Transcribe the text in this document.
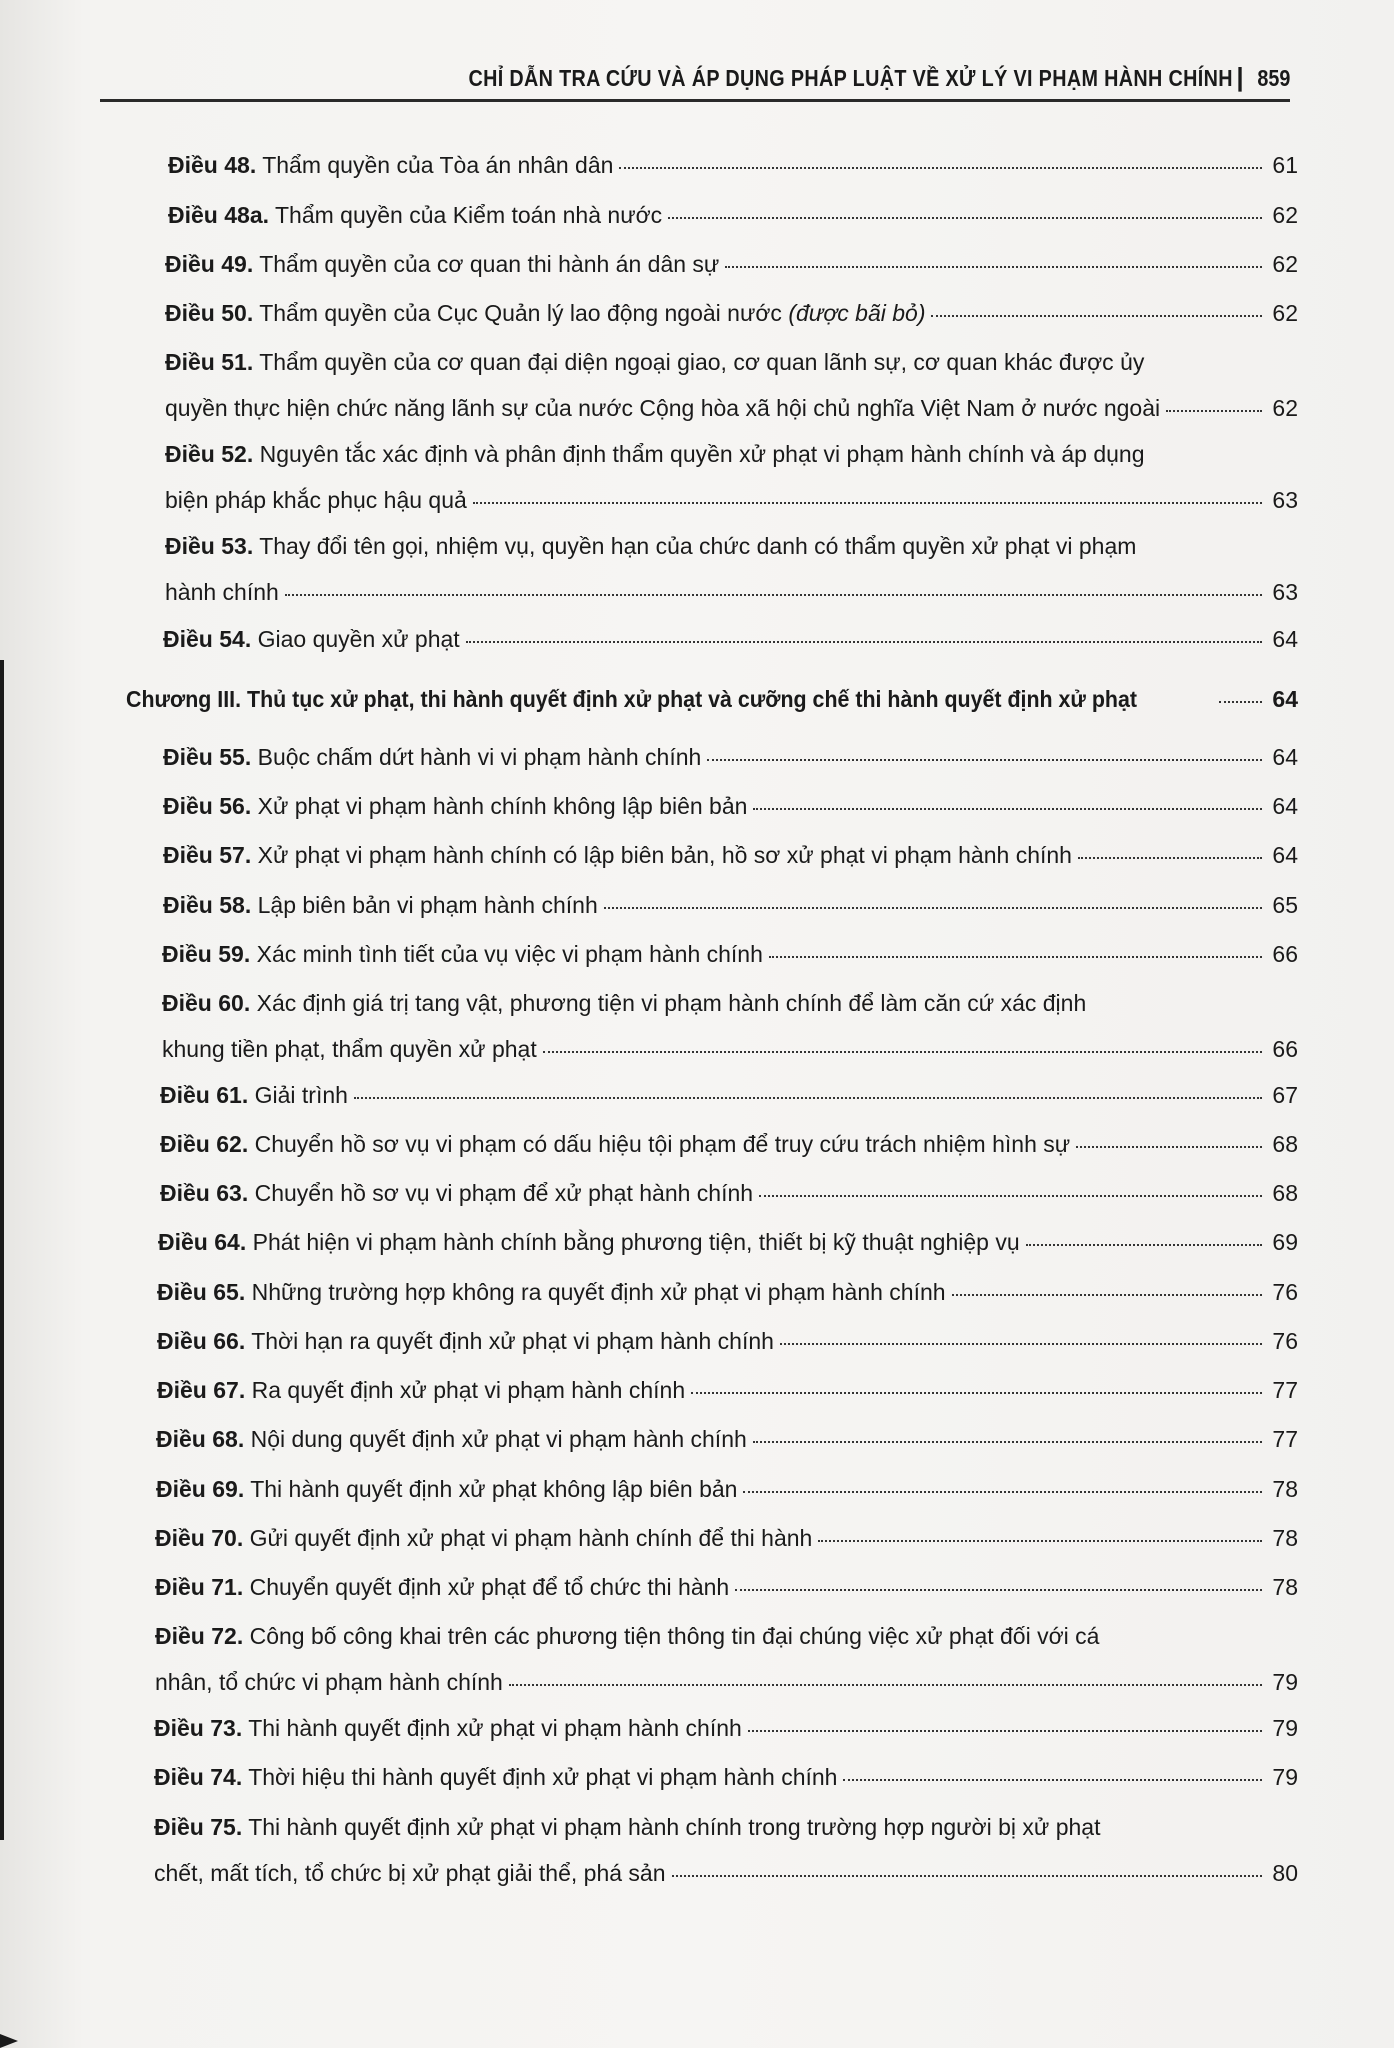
CHỈ DẪN TRA CỨU VÀ ÁP DỤNG PHÁP LUẬT VỀ XỬ LÝ VI PHẠM HÀNH CHÍNH | 859
Điều 48. Thẩm quyền của Tòa án nhân dân	61
Điều 48a. Thẩm quyền của Kiểm toán nhà nước	62
Điều 49. Thẩm quyền của cơ quan thi hành án dân sự	62
Điều 50. Thẩm quyền của Cục Quản lý lao động ngoài nước (được bãi bỏ)	62
Điều 51. Thẩm quyền của cơ quan đại diện ngoại giao, cơ quan lãnh sự, cơ quan khác được ủy
quyền thực hiện chức năng lãnh sự của nước Cộng hòa xã hội chủ nghĩa Việt Nam ở nước ngoài	62
Điều 52. Nguyên tắc xác định và phân định thẩm quyền xử phạt vi phạm hành chính và áp dụng
biện pháp khắc phục hậu quả	63
Điều 53. Thay đổi tên gọi, nhiệm vụ, quyền hạn của chức danh có thẩm quyền xử phạt vi phạm
hành chính	63
Điều 54. Giao quyền xử phạt	64
Chương III. Thủ tục xử phạt, thi hành quyết định xử phạt và cưỡng chế thi hành quyết định xử phạt	64
Điều 55. Buộc chấm dứt hành vi vi phạm hành chính	64
Điều 56. Xử phạt vi phạm hành chính không lập biên bản	64
Điều 57. Xử phạt vi phạm hành chính có lập biên bản, hồ sơ xử phạt vi phạm hành chính	64
Điều 58. Lập biên bản vi phạm hành chính	65
Điều 59. Xác minh tình tiết của vụ việc vi phạm hành chính	66
Điều 60. Xác định giá trị tang vật, phương tiện vi phạm hành chính để làm căn cứ xác định
khung tiền phạt, thẩm quyền xử phạt	66
Điều 61. Giải trình	67
Điều 62. Chuyển hồ sơ vụ vi phạm có dấu hiệu tội phạm để truy cứu trách nhiệm hình sự	68
Điều 63. Chuyển hồ sơ vụ vi phạm để xử phạt hành chính	68
Điều 64. Phát hiện vi phạm hành chính bằng phương tiện, thiết bị kỹ thuật nghiệp vụ	69
Điều 65. Những trường hợp không ra quyết định xử phạt vi phạm hành chính	76
Điều 66. Thời hạn ra quyết định xử phạt vi phạm hành chính	76
Điều 67. Ra quyết định xử phạt vi phạm hành chính	77
Điều 68. Nội dung quyết định xử phạt vi phạm hành chính	77
Điều 69. Thi hành quyết định xử phạt không lập biên bản	78
Điều 70. Gửi quyết định xử phạt vi phạm hành chính để thi hành	78
Điều 71. Chuyển quyết định xử phạt để tổ chức thi hành	78
Điều 72. Công bố công khai trên các phương tiện thông tin đại chúng việc xử phạt đối với cá
nhân, tổ chức vi phạm hành chính	79
Điều 73. Thi hành quyết định xử phạt vi phạm hành chính	79
Điều 74. Thời hiệu thi hành quyết định xử phạt vi phạm hành chính	79
Điều 75. Thi hành quyết định xử phạt vi phạm hành chính trong trường hợp người bị xử phạt
chết, mất tích, tổ chức bị xử phạt giải thể, phá sản	80
